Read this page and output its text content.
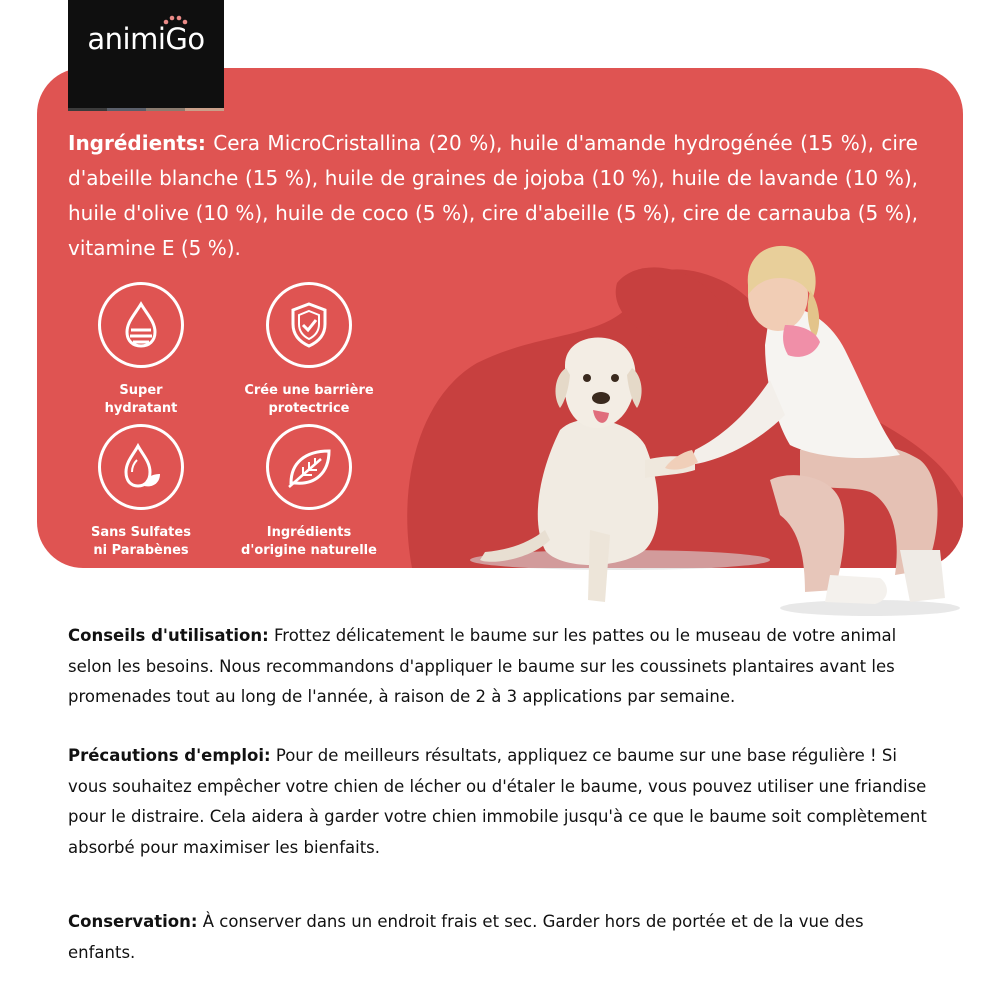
animiGo
Ingrédients: Cera MicroCristallina (20 %), huile d'amande hydrogénée (15 %), cire d'abeille blanche (15 %), huile de graines de jojoba (10 %), huile de lavande (10 %), huile d'olive (10 %), huile de coco (5 %), cire d'abeille (5 %), cire de carnauba (5 %), vitamine E (5 %).
Super
hydratant
Crée une barrière
protectrice
Sans Sulfates
ni Parabènes
Ingrédients
d'origine naturelle
Conseils d'utilisation: Frottez délicatement le baume sur les pattes ou le museau de votre animal selon les besoins. Nous recommandons d'appliquer le baume sur les coussinets plantaires avant les promenades tout au long de l'année, à raison de 2 à 3 applications par semaine.
Précautions d'emploi: Pour de meilleurs résultats, appliquez ce baume sur une base régulière ! Si vous souhaitez empêcher votre chien de lécher ou d'étaler le baume, vous pouvez utiliser une friandise pour le distraire. Cela aidera à garder votre chien immobile jusqu'à ce que le baume soit complètement absorbé pour maximiser les bienfaits.
Conservation: À conserver dans un endroit frais et sec. Garder hors de portée et de la vue des enfants.
